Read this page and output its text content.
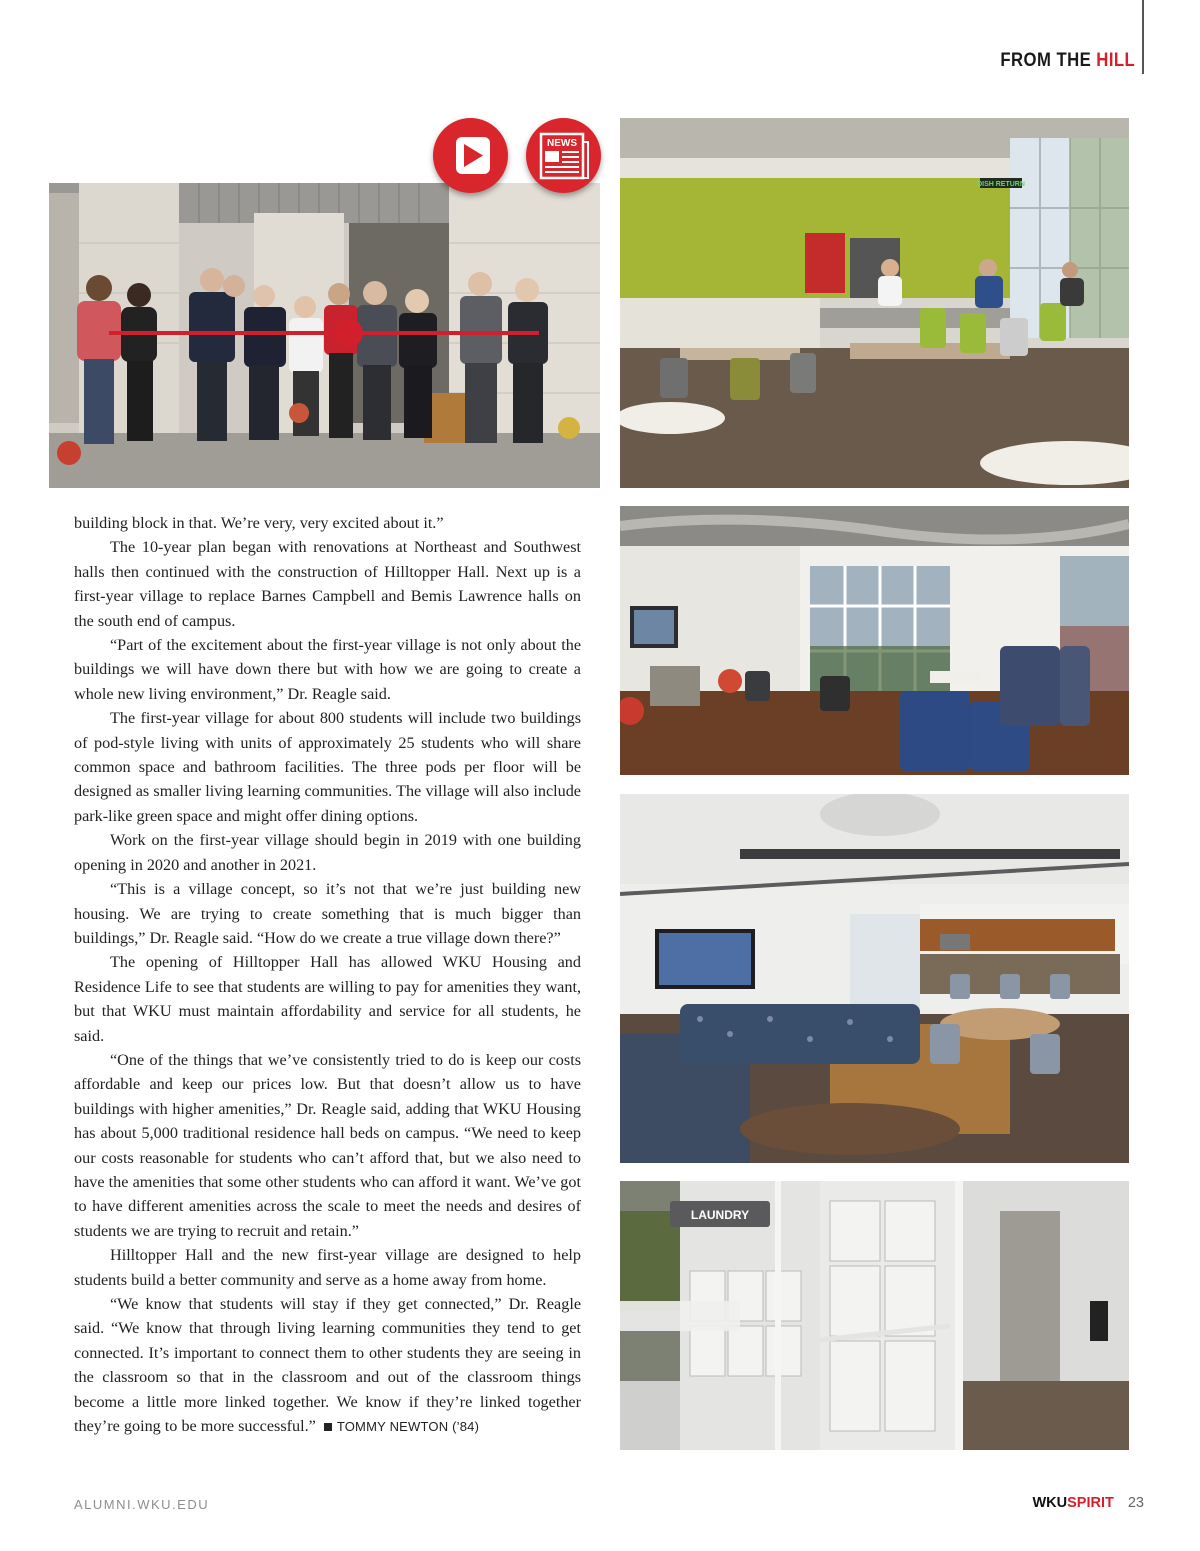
FROM THE HILL
NEWS
DISH RETURN
LAUNDRY

building block in that. We’re very, very excited about it.”

The 10-year plan began with renovations at Northeast and Southwest halls then continued with the construction of Hilltopper Hall. Next up is a first-year village to replace Barnes Campbell and Bemis Lawrence halls on the south end of campus.

“Part of the excitement about the first-year village is not only about the buildings we will have down there but with how we are going to create a whole new living environment,” Dr. Reagle said.

The first-year village for about 800 students will include two buildings of pod-style living with units of approximately 25 students who will share common space and bathroom facilities. The three pods per floor will be designed as smaller living learning communities. The village will also include park-like green space and might offer dining options.

Work on the first-year village should begin in 2019 with one building opening in 2020 and another in 2021.

“This is a village concept, so it’s not that we’re just building new housing. We are trying to create something that is much bigger than buildings,” Dr. Reagle said. “How do we create a true village down there?”

The opening of Hilltopper Hall has allowed WKU Housing and Residence Life to see that students are willing to pay for amenities they want, but that WKU must maintain affordability and service for all students, he said.

“One of the things that we’ve consistently tried to do is keep our costs affordable and keep our prices low. But that doesn’t allow us to have buildings with higher amenities,” Dr. Reagle said, adding that WKU Housing has about 5,000 traditional residence hall beds on campus. “We need to keep our costs reasonable for students who can’t afford that, but we also need to have the amenities that some other students who can afford it want. We’ve got to have different amenities across the scale to meet the needs and desires of students we are trying to recruit and retain.”

Hilltopper Hall and the new first-year village are designed to help students build a better community and serve as a home away from home.

“We know that students will stay if they get connected,” Dr. Reagle said. “We know that through living learning communities they tend to get connected. It’s important to connect them to other students they are seeing in the classroom so that in the classroom and out of the classroom things become a little more linked together. We know if they’re linked together they’re going to be more successful.” TOMMY NEWTON (’84)

ALUMNI.WKU.EDU	WKUSPIRIT 23
